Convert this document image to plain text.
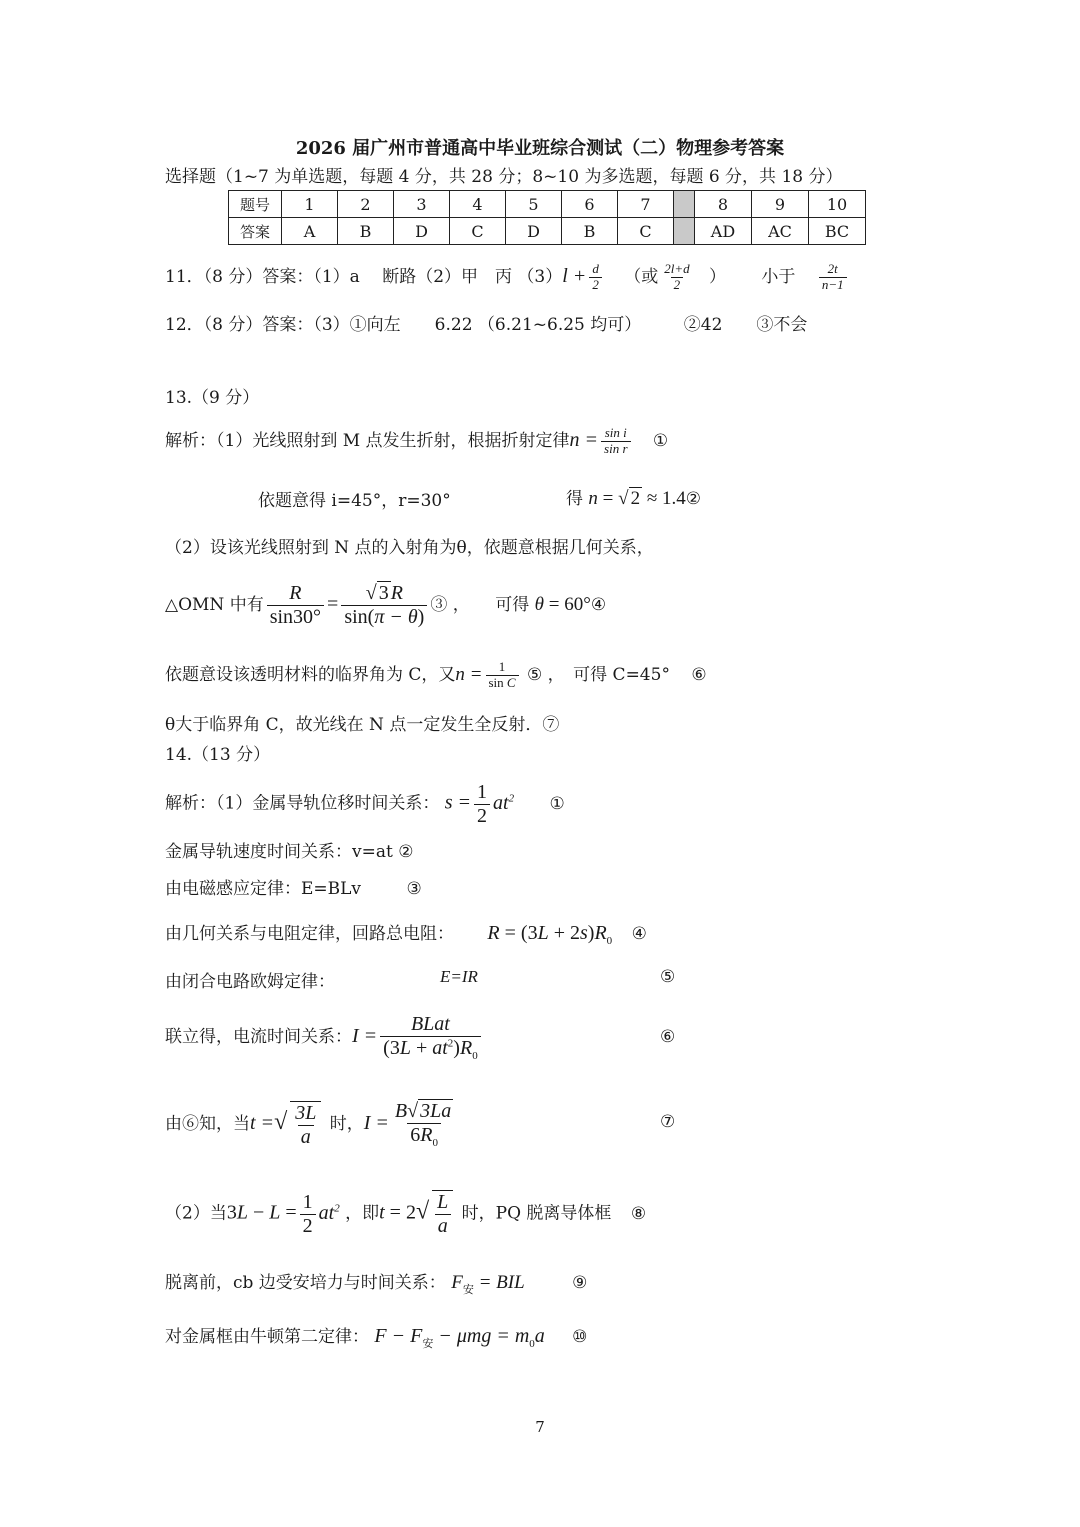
2026 届广州市普通高中毕业班综合测试（二）物理参考答案
选择题（1~7 为单选题，每题 4 分，共 28 分；8~10 为多选题，每题 6 分，共 18 分）
题号	1	2	3	4	5	6	7		8	9	10
答案	A	B	D	C	D	B	C		AD	AC	BC
11．（8 分）答案：（1）a　 断路（2）甲　丙 $(3)l + \frac{d}{2}$ （或 $\frac{2l+d}{2}$ ） 小于 $\frac{2t}{n-1}$
12．（8 分）答案：（3）①向左　　6.22 （6.21~6.25 均可）　　　②42　　③不会
13.（9 分）
解析：（1）光线照射到 M 点发生折射，根据折射定律$n = \frac{\text{sin i}}{\text{sin r}}$ ①
依题意得 i=45°，r=30°	得 n = √ 2 ≈ 1.4②
（2）设该光线照射到 N 点的入射角为θ，依题意根据几何关系，
△OMN 中有 $\frac{R}{\sin 30^\circ} = \frac{√ 3 R}{\sin(\pi - \theta)}$ ③ ，　　可得 θ = 60°④
依题意设该透明材料的临界角为 C，又$n = \frac{1}{\text{sin C}}$ ⑤ ，　可得 C=45° ⑥
θ大于临界角 C，故光线在 N 点一定发生全反射．⑦
14.（13 分）
解析：（1）金属导轨位移时间关系： $s = \frac{1}{2} at^2$ ①
金属导轨速度时间关系：v=at ②
由电磁感应定律：E=BLv	③
由几何关系与电阻定律，回路总电阻： $R = (3L + 2s)R_0$ ④
由闭合电路欧姆定律：	E=IR	⑤
联立得，电流时间关系：$I = \frac{\text{BLat}}{(3L + at^2)R_0}$	⑥
由⑥知，当t =√ $\frac{3L}{a}$ 时，$I = \frac{B√ 3La}{6R_0}$	⑦
（2）当$3L - L = \frac{1}{2} at^2$ ，即$t = 2√ \frac{L}{a}$ 时，PQ 脱离导体框 ⑧
脱离前，cb 边受安培力与时间关系： $F_安$ = BIL	⑨
对金属框由牛顿第二定律： $F - F_安 - \mu mg = m_0a$ ⑩
7
